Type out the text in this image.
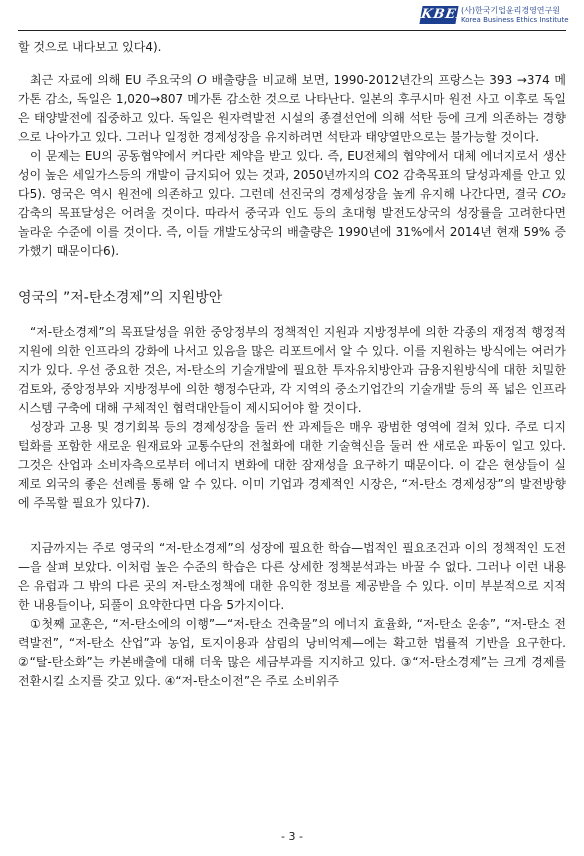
KBEI
(사)한국기업윤리경영연구원
Korea Business Ethics Institute

할 것으로 내다보고 있다4).

최근 자료에 의해 EU 주요국의 O 배출량을 비교해 보면, 1990-2012년간의 프랑스는 393 →374 메가톤 감소, 독일은 1,020→807 메가톤 감소한 것으로 나타난다. 일본의 후쿠시마 원전 사고 이후로 독일은 태양발전에 집중하고 있다. 독일은 원자력발전 시설의 종결선언에 의해 석탄 등에 크게 의존하는 경향으로 나아가고 있다. 그러나 일정한 경제성장을 유지하려면 석탄과 태양열만으로는 불가능할 것이다.

이 문제는 EU의 공동협약에서 커다란 제약을 받고 있다. 즉, EU전체의 협약에서 대체 에너지로서 생산성이 높은 세일가스등의 개발이 금지되어 있는 것과, 2050년까지의 CO2 감축목표의 달성과제를 안고 있다5). 영국은 역시 원전에 의존하고 있다. 그런데 선진국의 경제성장을 높게 유지해 나간다면, 결국 CO₂ 감축의 목표달성은 어려울 것이다. 따라서 중국과 인도 등의 초대형 발전도상국의 성장률을 고려한다면 놀라운 수준에 이를 것이다. 즉, 이들 개발도상국의 배출량은 1990년에 31%에서 2014년 현재 59% 증가했기 때문이다6).

영국의 ”저-탄소경제”의 지원방안

“저-탄소경제”의 목표달성을 위한 중앙정부의 정책적인 지원과 지방정부에 의한 각종의 재정적 행정적 지원에 의한 인프라의 강화에 나서고 있음을 많은 리포트에서 알 수 있다. 이를 지원하는 방식에는 여러가지가 있다. 우선 중요한 것은, 저-탄소의 기술개발에 필요한 투자유치방안과 금융지원방식에 대한 치밀한 검토와, 중앙정부와 지방정부에 의한 행정수단과, 각 지역의 중소기업간의 기술개발 등의 폭 넓은 인프라 시스템 구축에 대해 구체적인 협력대안들이 제시되어야 할 것이다.

성장과 고용 및 경기회복 등의 경제성장을 둘러 싼 과제들은 매우 광범한 영역에 걸쳐 있다. 주로 디지털화를 포함한 새로운 원재료와 교통수단의 전철화에 대한 기술혁신을 둘러 싼 새로운 파동이 일고 있다. 그것은 산업과 소비자측으로부터 에너지 변화에 대한 잠재성을 요구하기 때문이다. 이 같은 현상들이 실제로 외국의 좋은 선례를 통해 알 수 있다. 이미 기업과 경제적인 시장은, “저-탄소 경제성장”의 발전방향에 주목할 필요가 있다7).

지금까지는 주로 영국의 “저-탄소경제”의 성장에 필요한 학습—법적인 필요조건과 이의 정책적인 도전—을 살펴 보았다. 이처럼 높은 수준의 학습은 다른 상세한 정책분석과는 바꿀 수 없다. 그러나 이런 내용은 유럽과 그 밖의 다른 곳의 저-탄소정책에 대한 유익한 정보를 제공받을 수 있다. 이미 부분적으로 지적한 내용들이나, 되풀이 요약한다면 다음 5가지이다.

①첫째 교훈은, “저-탄소에의 이행”—“저-탄소 건축물”의 에너지 효율화, “저-탄소 운송”, “저-탄소 전력발전”, “저-탄소 산업”과 농업, 토지이용과 삼림의 낭비억제—에는 확고한 법률적 기반을 요구한다. ②“탈-탄소화”는 카본배출에 대해 더욱 많은 세금부과를 지지하고 있다. ③“저-탄소경제”는 크게 경제를 전환시킬 소지를 갖고 있다. ④“저-탄소이전”은 주로 소비위주

- 3 -
